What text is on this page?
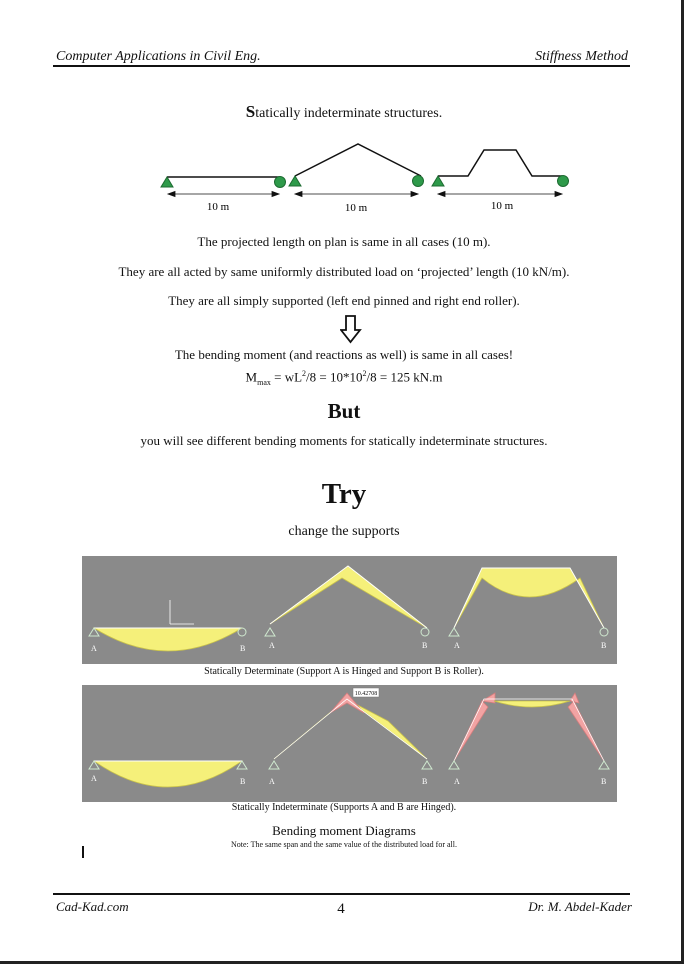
Computer Applications in Civil Eng.	Stiffness Method
Statically indeterminate structures.
10 m	10 m	10 m
The projected length on plan is same in all cases (10 m).
They are all acted by same uniformly distributed load on ‘projected’ length (10 kN/m).
They are all simply supported (left end pinned and right end roller).
The bending moment (and reactions as well) is same in all cases!
$M_{max} = wL^2/8 = 10*10^2/8 = 125$ kN.m
But
you will see different bending moments for statically indeterminate structures.
Try
change the supports
A	B	A	B	A	B
Statically Determinate (Support A is Hinged and Support B is Roller).
10.42708
A	B	A	B	A	B
Statically Indeterminate (Supports A and B are Hinged).
Bending moment Diagrams
Note: The same span and the same value of the distributed load for all.
Cad-Kad.com	4	Dr. M. Abdel-Kader
